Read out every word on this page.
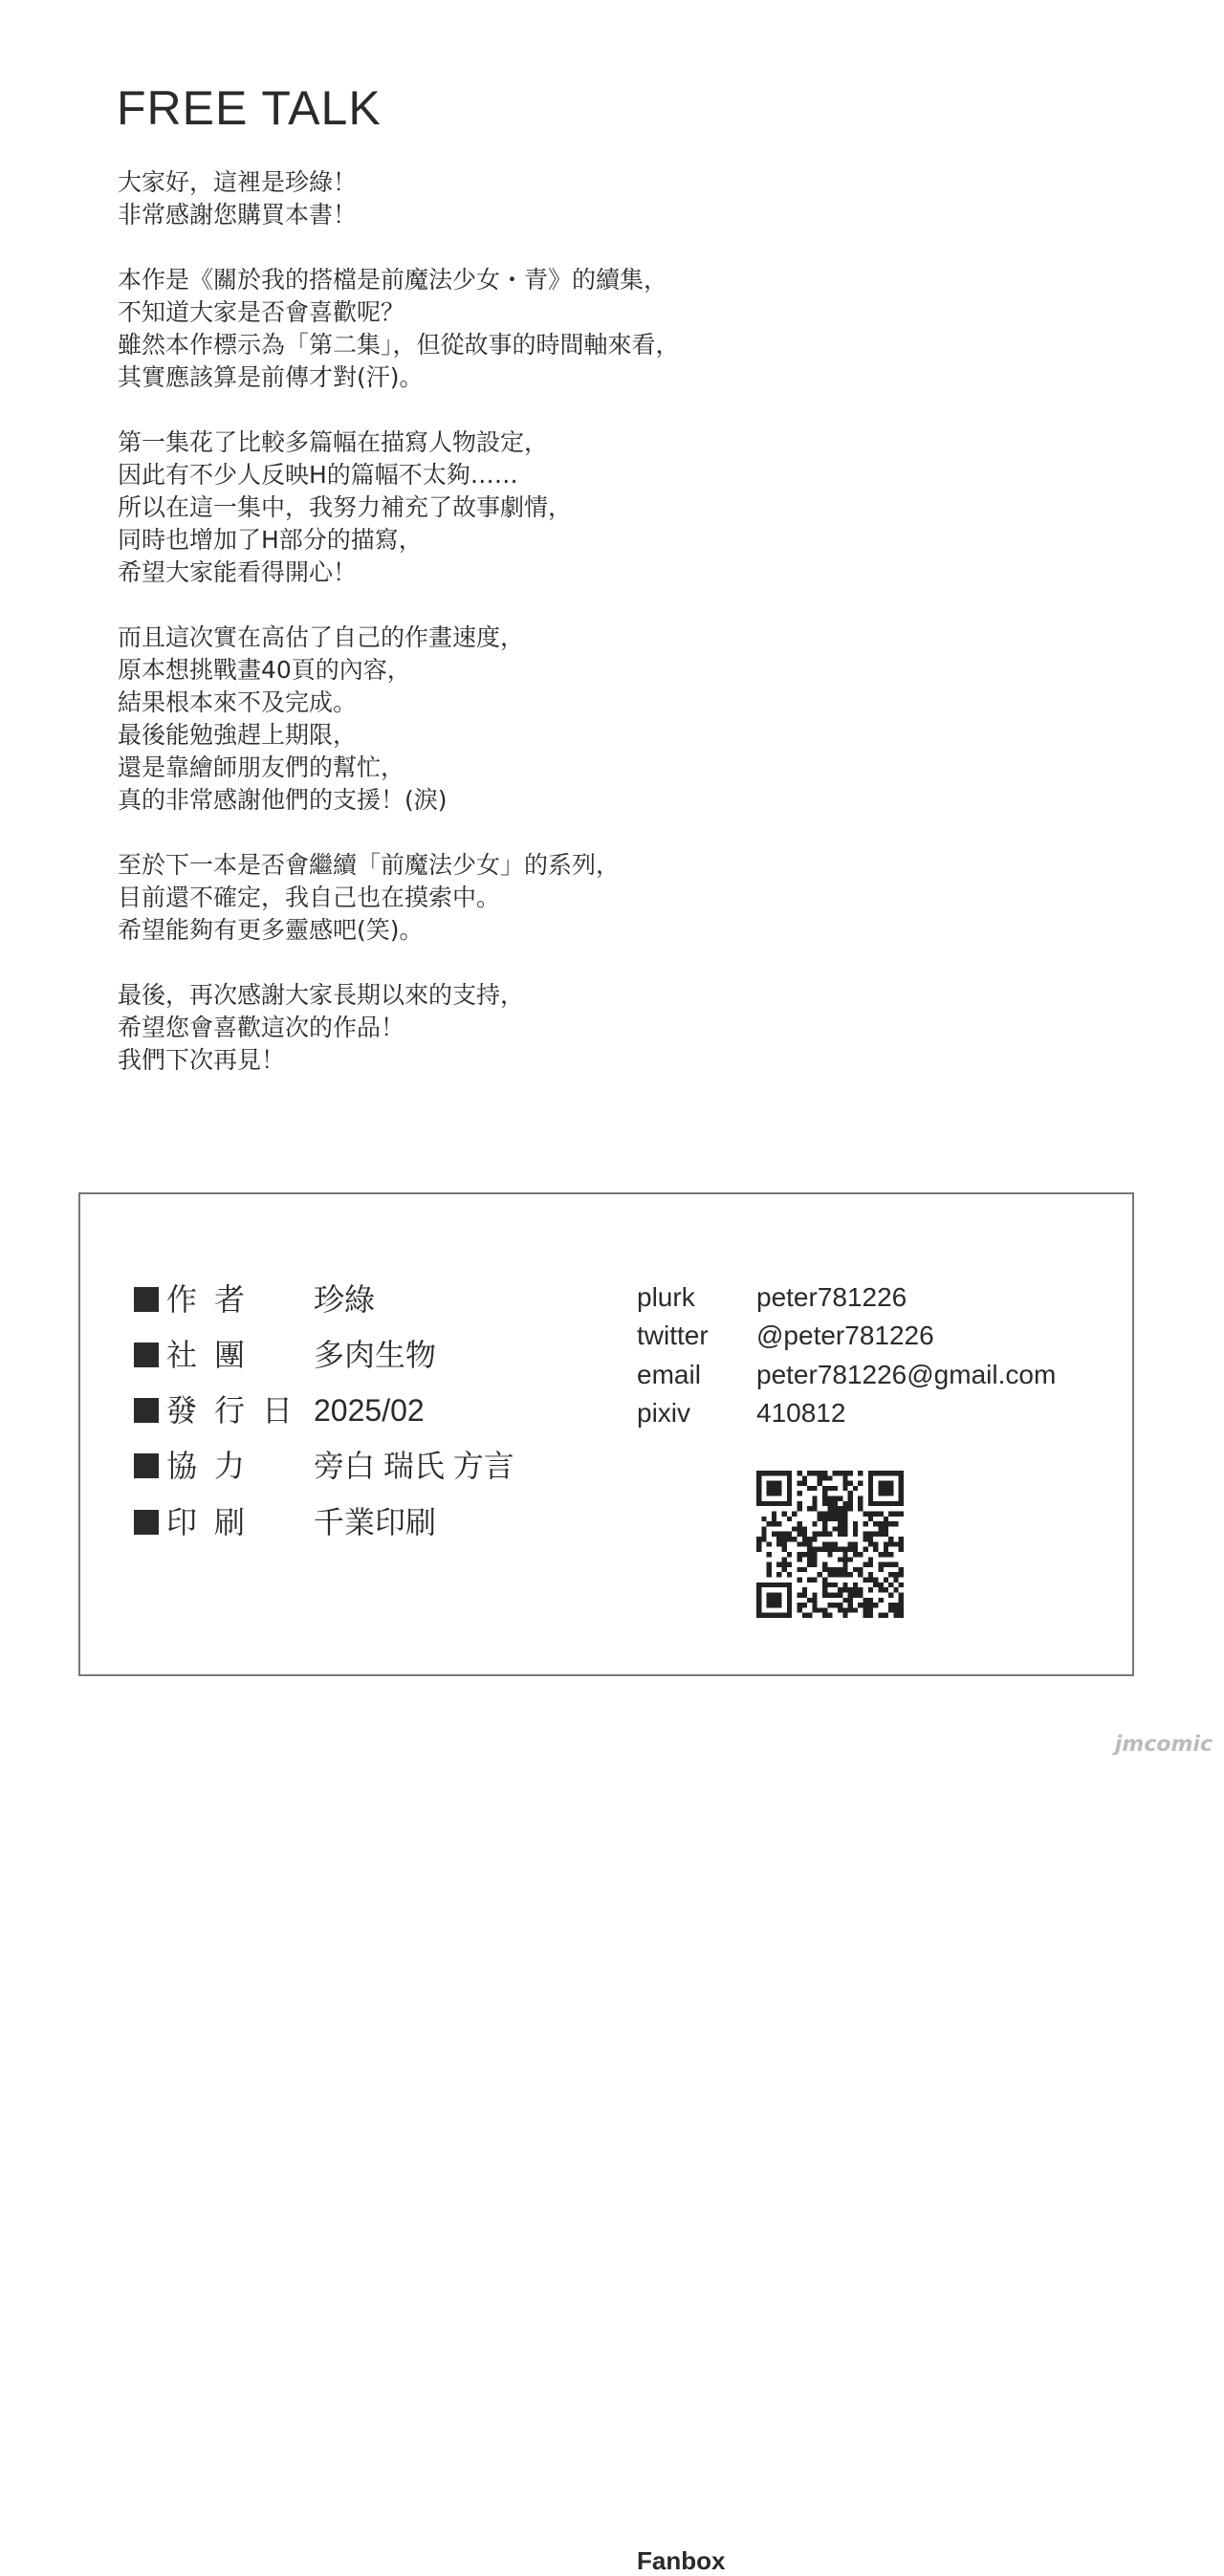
FREE TALK
大家好，這裡是珍綠！
非常感謝您購買本書！
本作是《關於我的搭檔是前魔法少女・青》的續集，
不知道大家是否會喜歡呢？
雖然本作標示為「第二集」，但從故事的時間軸來看，
其實應該算是前傳才對(汗)。
第一集花了比較多篇幅在描寫人物設定，
因此有不少人反映H的篇幅不太夠……
所以在這一集中，我努力補充了故事劇情，
同時也增加了H部分的描寫，
希望大家能看得開心！
而且這次實在高估了自己的作畫速度，
原本想挑戰畫40頁的內容，
結果根本來不及完成。
最後能勉強趕上期限，
還是靠繪師朋友們的幫忙，
真的非常感謝他們的支援！(淚)
至於下一本是否會繼續「前魔法少女」的系列，
目前還不確定，我自己也在摸索中。
希望能夠有更多靈感吧(笑)。
最後，再次感謝大家長期以來的支持，
希望您會喜歡這次的作品！
我們下次再見！
作者	珍綠
社團	多肉生物
發行日 2025/02
協力	旁白 瑞氏 方言
印刷	千業印刷
plurk	peter781226
twitter	@peter781226
email	peter781226@gmail.com
pixiv	410812
Fanbox
jmcomic
